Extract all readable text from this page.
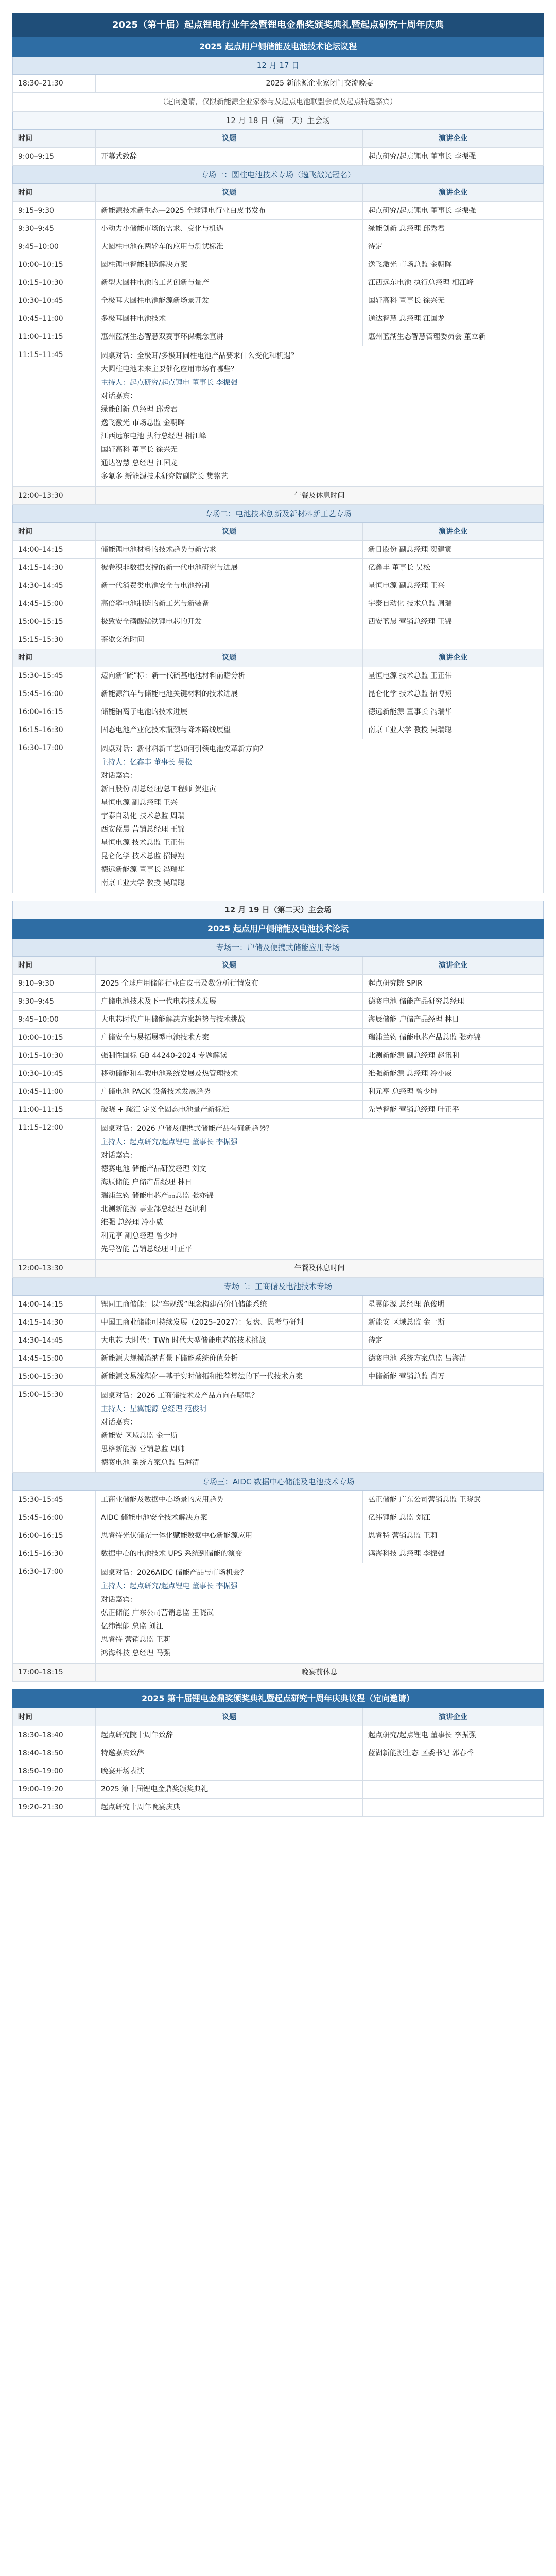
2025（第十届）起点锂电行业年会暨锂电金鼎奖颁奖典礼暨起点研究十周年庆典
2025 起点用户侧储能及电池技术论坛议程
12 月 17 日
18:30–21:30	2025 新能源企业家闭门交流晚宴
（定向邀请，仅限新能源企业家参与及起点电池联盟会员及起点特邀嘉宾）
12 月 18 日（第一天）主会场
时间	议题	演讲企业
9:00–9:15	开幕式致辞	起点研究/起点锂电 董事长 李振强
专场一：圆柱电池技术专场（逸飞激光冠名）
时间	议题	演讲企业
9:15–9:30	新能源技术新生态—2025 全球锂电行业白皮书发布	起点研究/起点锂电 董事长 李振强
9:30–9:45	小动力小储能市场的需求、变化与机遇	绿能创新 总经理 邱秀君
9:45–10:00	大圆柱电池在两轮车的应用与测试标准	待定
10:00–10:15	圆柱锂电智能制造解决方案	逸飞激光 市场总监 金朝晖
10:15–10:30	新型大圆柱电池的工艺创新与量产	江西远东电池 执行总经理 相江峰
10:30–10:45	全极耳大圆柱电池能源新场景开发	国轩高科 董事长 徐兴无
10:45–11:00	多极耳圆柱电池技术	通达智慧 总经理 江国龙
11:00–11:15	惠州蓝湖生态智慧双赛事环保概念宣讲	惠州蓝湖生态智慧管理委员会 董立新
11:15–11:45	圆桌对话：全极耳/多极耳圆柱电池产品要求什么变化和机遇？
大圆柱电池未来主要催化应用市场有哪些？
主持人：起点研究/起点锂电 董事长 李振强
对话嘉宾：
绿能创新 总经理 邱秀君
逸飞激光 市场总监 金朝晖
江西远东电池 执行总经理 相江峰
国轩高科 董事长 徐兴无
通达智慧 总经理 江国龙
多氟多 新能源技术研究院副院长 樊铭艺
12:00–13:30	午餐及休息时间
专场二：电池技术创新及新材料新工艺专场
时间	议题	演讲企业
14:00–14:15	储能锂电池材料的技术趋势与新需求	新日股份 副总经理 贺建寅
14:15–14:30	被卷积非数据支撑的新一代电池研究与进展	亿鑫丰 董事长 吴松
14:30–14:45	新一代消费类电池安全与电池控制	星恒电源 副总经理 王兴
14:45–15:00	高倍率电池制造的新工艺与新装备	宇泰自动化 技术总监 周瑞
15:00–15:15	极致安全磷酸锰铁锂电芯的开发	西安蓝晨 营销总经理 王锦
15:15–15:30	茶歇交流时间
时间	议题	演讲企业
15:30–15:45	迈向新“硫”标：新一代硫基电池材料前瞻分析	星恒电源 技术总监 王正伟
15:45–16:00	新能源汽车与储能电池关键材料的技术进展	昆仑化学 技术总监 招博翔
16:00–16:15	储能钠离子电池的技术进展	德远新能源 董事长 冯瑞华
16:15–16:30	固态电池产业化技术瓶颈与降本路线展望	南京工业大学 教授 吴瑞聪
16:30–17:00	圆桌对话：新材料新工艺如何引领电池变革新方向？
主持人：亿鑫丰 董事长 吴松
对话嘉宾：
新日股份 副总经理/总工程师 贺建寅
星恒电源 副总经理 王兴
宇泰自动化 技术总监 周瑞
西安蓝晨 营销总经理 王锦
星恒电源 技术总监 王正伟
昆仑化学 技术总监 招博翔
德远新能源 董事长 冯瑞华
南京工业大学 教授 吴瑞聪
12 月 19 日（第二天）主会场
2025 起点用户侧储能及电池技术论坛
专场一：户储及便携式储能应用专场
时间	议题	演讲企业
9:10–9:30	2025 全球户用储能行业白皮书及数分析行情发布	起点研究院 SPIR
9:30–9:45	户储电池技术及下一代电芯技术发展	德赛电池 储能产品研究总经理
9:45–10:00	大电芯时代户用储能解决方案趋势与技术挑战	海辰储能 户储产品经理 林日
10:00–10:15	户储安全与易拓展型电池技术方案	瑞浦兰钧 储能电芯产品总监 张亦锦
10:15–10:30	强制性国标 GB 44240-2024 专题解读	北测新能源 副总经理 赵讯利
10:30–10:45	移动储能和车载电池系统发展及热管理技术	维强新能源 总经理 冷小威
10:45–11:00	户储电池 PACK 设备技术发展趋势	利元亨 总经理 曾少坤
11:00–11:15	破晓 + 疏汇 定义全固态电池量产新标准	先导智能 营销总经理 叶正平
11:15–12:00	圆桌对话：2026 户储及便携式储能产品有何新趋势？
主持人：起点研究/起点锂电 董事长 李振强
对话嘉宾：
德赛电池 储能产品研发经理 刘文
海辰储能 户储产品经理 林日
瑞浦兰钧 储能电芯产品总监 张亦锦
北测新能源 事业部总经理 赵讯利
维强 总经理 冷小威
利元亨 副总经理 曾少坤
先导智能 营销总经理 叶正平
12:00–13:30	午餐及休息时间
专场二：工商储及电池技术专场
14:00–14:15	锂同工商储能：以“车规级”理念构建高价值储能系统	星翼能源 总经理 范俊明
14:15–14:30	中国工商业储能可持续发展（2025–2027）：复盘、思考与研判	新能安 区域总监 金一斯
14:30–14:45	大电芯 大时代：TWh 时代大型储能电芯的技术挑战	待定
14:45–15:00	新能源大规模消纳背景下储能系统价值分析	德赛电池 系统方案总监 吕海清
15:00–15:30	新能源文易流程化—基于实时储拓和推荐算法的下一代技术方案	中储新能 营销总监 肖万
15:00–15:30	圆桌对话：2026 工商储技术及产品方向在哪里？
主持人：星翼能源 总经理 范俊明
对话嘉宾：
新能安 区域总监 金一斯
思格新能源 营销总监 周帅
德赛电池 系统方案总监 吕海清
专场三：AIDC 数据中心储能及电池技术专场
15:30–15:45	工商业储能及数据中心场景的应用趋势	弘正储能 广东公司营销总监 王晓武
15:45–16:00	AIDC 储能电池安全技术解决方案	亿纬锂能 总监 刘江
16:00–16:15	思睿特光伏储充一体化赋能数据中心新能源应用	思睿特 营销总监 王莉
16:15–16:30	数据中心的电池技术 UPS 系统到储能的演变	鸿海科技 总经理 李振强
16:30–17:00	圆桌对话：2026AIDC 储能产品与市场机会？
主持人：起点研究/起点锂电 董事长 李振强
对话嘉宾：
弘正储能 广东公司营销总监 王晓武
亿纬锂能 总监 刘江
思睿特 营销总监 王莉
鸿海科技 总经理 马强
17:00–18:15	晚宴前休息
2025 第十届锂电金鼎奖颁奖典礼暨起点研究十周年庆典议程（定向邀请）
时间	议题	演讲企业
18:30–18:40	起点研究院十周年致辞	起点研究/起点锂电 董事长 李振强
18:40–18:50	特邀嘉宾致辞	蓝湖新能源生态 区委书记 郭春香
18:50–19:00	晚宴开场表演
19:00–19:20	2025 第十届锂电金鼎奖颁奖典礼
19:20–21:30	起点研究十周年晚宴庆典
